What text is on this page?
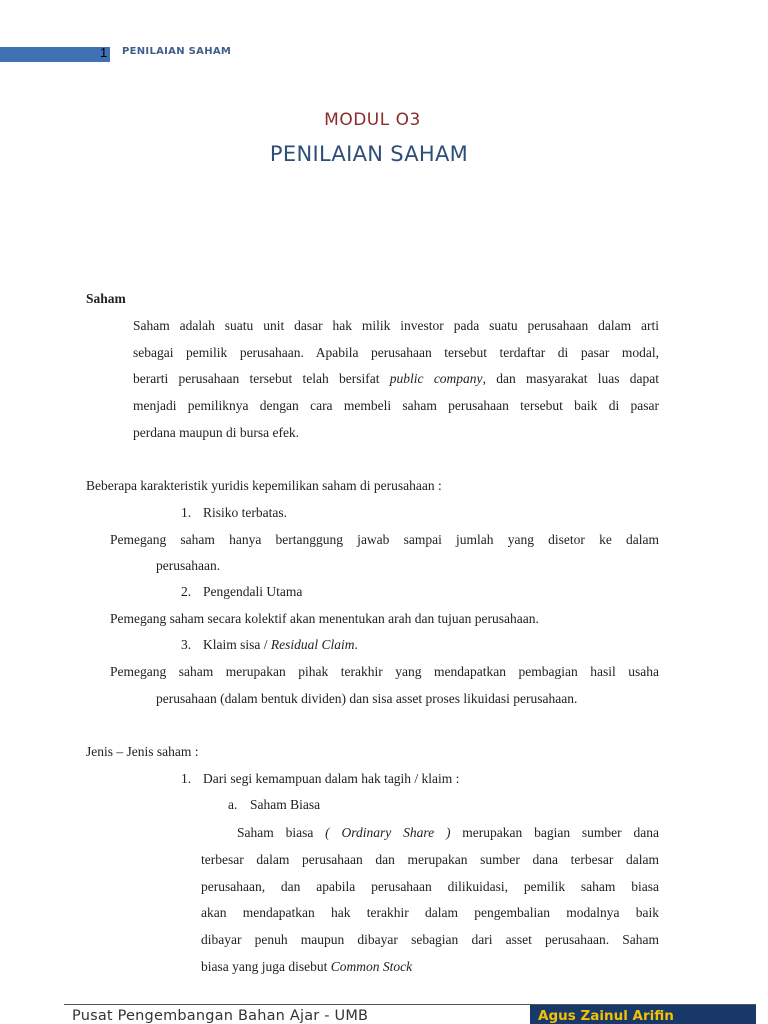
1 PENILAIAN SAHAM
MODUL O3
PENILAIAN SAHAM
Saham
Saham adalah suatu unit dasar hak milik investor pada suatu perusahaan dalam arti
sebagai pemilik perusahaan. Apabila perusahaan tersebut terdaftar di pasar modal,
berarti perusahaan tersebut telah bersifat public company, dan masyarakat luas dapat
menjadi pemiliknya dengan cara membeli saham perusahaan tersebut baik di pasar
perdana maupun di bursa efek.
Beberapa karakteristik yuridis kepemilikan saham di perusahaan :
1. Risiko terbatas.
Pemegang saham hanya bertanggung jawab sampai jumlah yang disetor ke dalam
perusahaan.
2. Pengendali Utama
Pemegang saham secara kolektif akan menentukan arah dan tujuan perusahaan.
3. Klaim sisa / Residual Claim.
Pemegang saham merupakan pihak terakhir yang mendapatkan pembagian hasil usaha
perusahaan (dalam bentuk dividen) dan sisa asset proses likuidasi perusahaan.
Jenis – Jenis saham :
1. Dari segi kemampuan dalam hak tagih / klaim :
a. Saham Biasa
Saham biasa ( Ordinary Share ) merupakan bagian sumber dana
terbesar dalam perusahaan dan merupakan sumber dana terbesar dalam
perusahaan, dan apabila perusahaan dilikuidasi, pemilik saham biasa
akan mendapatkan hak terakhir dalam pengembalian modalnya baik
dibayar penuh maupun dibayar sebagian dari asset perusahaan. Saham
biasa yang juga disebut Common Stock
Pusat Pengembangan Bahan Ajar - UMB	Agus Zainul Arifin
